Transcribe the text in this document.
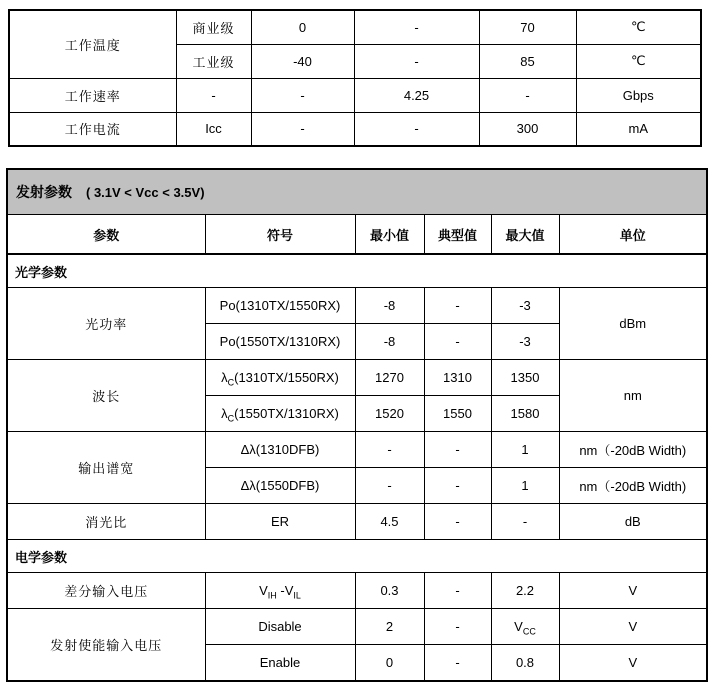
工作温度	商业级	0	-	70	℃
	工业级	-40	-	85	℃
工作速率	-	-	4.25	-	Gbps
工作电流	Icc	-	-	300	mA
发射参数 ( 3.1V < Vcc < 3.5V)					
参数	符号	最小值	典型值	最大值	单位
光学参数					
光功率	Po(1310TX/1550RX)	-8	-	-3	dBm
	Po(1550TX/1310RX)	-8	-	-3	
波长	$\lambda_C(1310TX/1550RX)$	1270	1310	1350	nm
	$\lambda_C(1550TX/1310RX)$	1520	1550	1580	
输出谱宽	Δλ(1310DFB)	-	-	1	nm（-20dB Width)
	Δλ(1550DFB)	-	-	1	nm（-20dB Width)
消光比	ER	4.5	-	-	dB
电学参数					
差分输入电压	$V_{IH}$ $-V_{IL}$	0.3	-	2.2	V
发射使能输入电压	Disable	2	-	$V_{CC}$	V
	Enable	0	-	0.8	V
